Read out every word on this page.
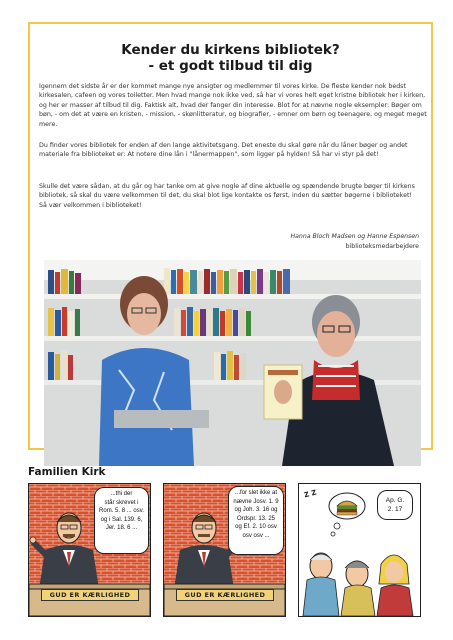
Kender du kirkens bibliotek?
- et godt tilbud til dig

Igennem det sidste år er der kommet mange nye ansigter og medlemmer til vores kirke. De fleste kender nok bedst kirkesalen, cafeen og vores toiletter. Men hvad mange nok ikke ved, så har vi vores helt eget kristne bibliotek her i kirken, og her er masser af tilbud til dig. Faktisk alt, hvad der fanger din interesse. Blot for at nævne nogle eksempler: Bøger om bøn, - om det at være en kristen, - mission, - skønlitteratur, og biografier, - emner om børn og teenagere, og meget meget mere.

Du finder vores bibliotek for enden af den lange aktivitetsgang. Det eneste du skal gøre når du låner bøger og andet materiale fra biblioteket er: At notere dine lån i "lånermappen", som ligger på hylden! Så har vi styr på det!

Skulle det være sådan, at du går og har tanke om at give nogle af dine aktuelle og spændende brugte bøger til kirkens bibliotek, så skal du være velkommen til det, du skal blot lige kontakte os først, inden du sætter bøgerne i biblioteket!

Så vær velkommen i biblioteket!

Hanna Bloch Madsen og Hanne Espensen
biblioteksmedarbejdere
Familien Kirk
...thi der
står skrevet i
Rom. 5. 8 ... osv.
og i Sal. 139. 6,
Jer. 18. 6 ...
GUD ER KÆRLIGHED
...for slet ikke at
nævne Josv. 1. 9
og Joh. 3. 16 og
Ordspr. 13. 25
og Ef. 2. 10 osv
osv osv ...
GUD ER KÆRLIGHED
Z Z
Ap. G.
2. 17
